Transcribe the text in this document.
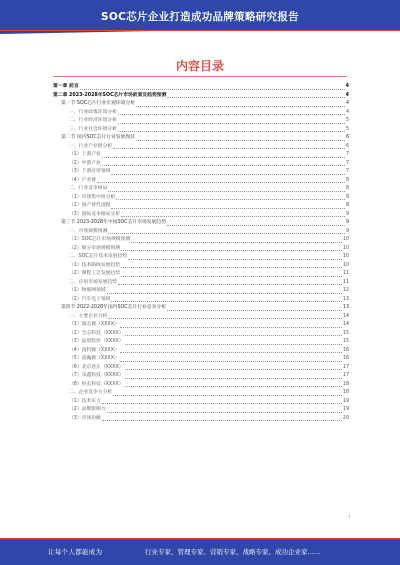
SOC芯片企业打造成功品牌策略研究报告
内容目录
第一章 前言	4
第二章 2023-2028年SOC芯片市场前景及趋势预测	4
第一节 SOC芯片行业宏观环境分析	4
一、行业政策环境分析	4
二、行业经济环境分析	5
三、行业社会环境分析	5
第二节 国内SOC芯片行业发展现状	6
一、行业产业链分析	6
（1）上游产业	7
（2）中游产业	7
（3）下游应用领域	7
（4）产业链	8
二、行业竞争格局	8
（1）市场集中度分析	8
（2）国产替代进程	8
（3）国际竞争格局分析	9
第三节 2023-2028年中国SOC芯片市场发展趋势	9
一、市场规模预测	9
（1）SOC芯片市场规模预测	10
（2）细分市场规模预测	10
二、SOC芯片技术发展趋势	10
（1）技术路线发展趋势	10
（2）制程工艺发展趋势	11
三、应用市场发展趋势	11
（1）物联网领域	12
（2）汽车电子领域	13
第四节 2022-2028年国内SOC芯片行业竞争分析	13
一、主要企业分析	14
（1）瑞芯微（XXXX）	14
（2）全志科技（XXXX）	15
（3）晶晨股份（XXXX）	15
（4）国科微（XXXX）	16
（5）富瀚微（XXXX）	16
（6）北京君正（XXXX）	17
（7）乐鑫科技（XXXX）	17
（8）恒玄科技（XXXX）	18
二、企业竞争力分析	18
（1）技术实力	19
（2）品牌影响力	19
（3）市场份额	20
1
让每个人都能成为	行业专家、管理专家、营销专家、战略专家、成功企业家……
